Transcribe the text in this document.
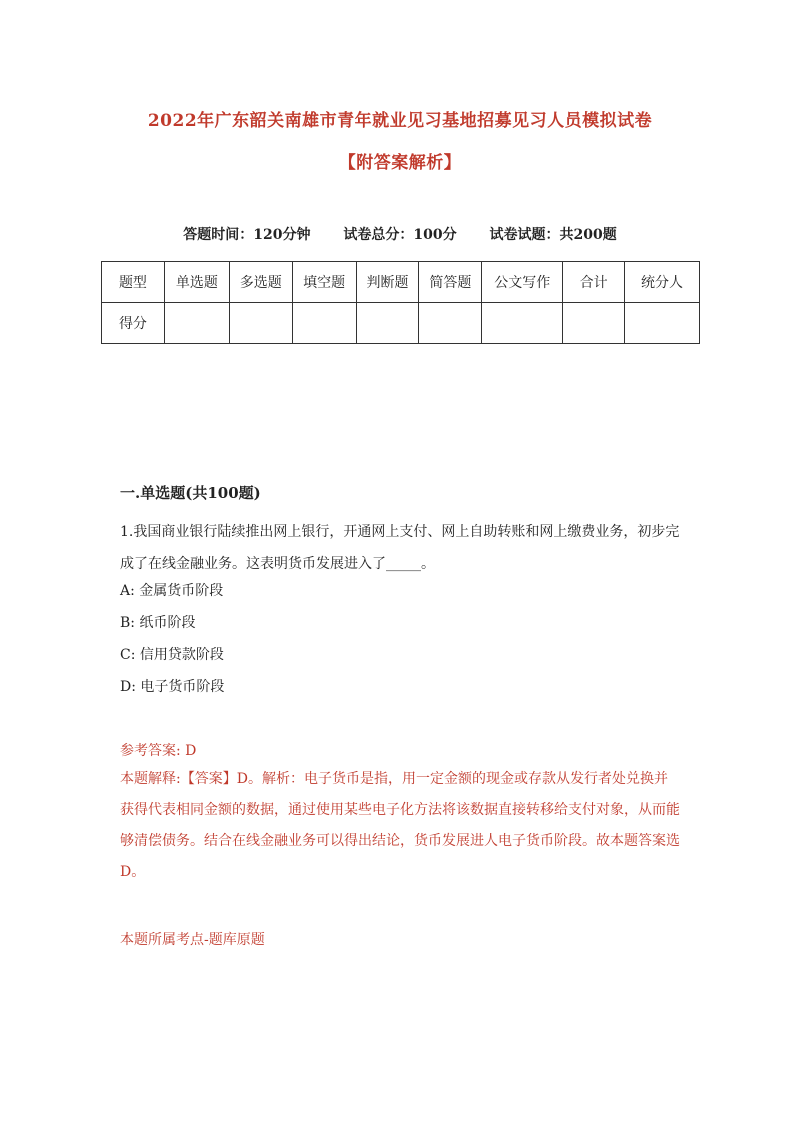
2022年广东韶关南雄市青年就业见习基地招募见习人员模拟试卷
【附答案解析】
答题时间：120分钟 试卷总分：100分 试卷试题：共200题
题型	单选题	多选题	填空题	判断题	简答题	公文写作	合计	统分人
得分								
一.单选题(共100题)
1.我国商业银行陆续推出网上银行，开通网上支付、网上自助转账和网上缴费业务，初步完成了在线金融业务。这表明货币发展进入了_____。
A: 金属货币阶段
B: 纸币阶段
C: 信用贷款阶段
D: 电子货币阶段
参考答案: D
本题解释:【答案】D。解析：电子货币是指，用一定金额的现金或存款从发行者处兑换并获得代表相同金额的数据，通过使用某些电子化方法将该数据直接转移给支付对象，从而能够清偿债务。结合在线金融业务可以得出结论，货币发展进人电子货币阶段。故本题答案选D。
本题所属考点-题库原题
